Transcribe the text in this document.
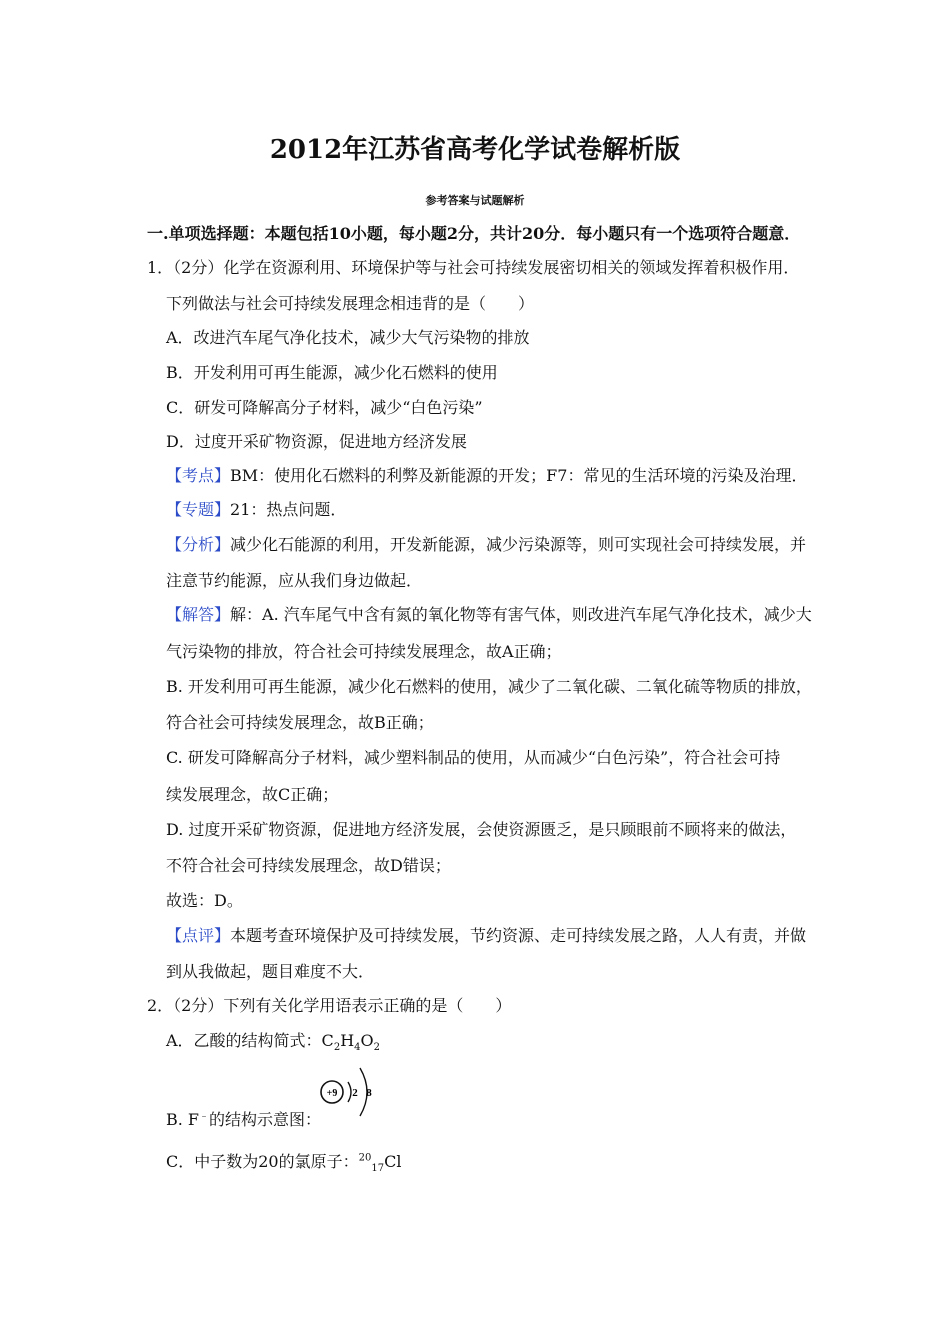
2012年江苏省高考化学试卷解析版
参考答案与试题解析
一.单项选择题：本题包括10小题，每小题2分，共计20分．每小题只有一个选项符合题意．
1．（2分）化学在资源利用、环境保护等与社会可持续发展密切相关的领域发挥着积极作用．
下列做法与社会可持续发展理念相违背的是（　　）
A．改进汽车尾气净化技术，减少大气污染物的排放
B．开发利用可再生能源，减少化石燃料的使用
C．研发可降解高分子材料，减少“白色污染”
D．过度开采矿物资源，促进地方经济发展
【考点】BM：使用化石燃料的利弊及新能源的开发；F7：常见的生活环境的污染及治理．
【专题】21：热点问题．
【分析】减少化石能源的利用，开发新能源，减少污染源等，则可实现社会可持续发展，并
注意节约能源，应从我们身边做起．
【解答】解：A. 汽车尾气中含有氮的氧化物等有害气体，则改进汽车尾气净化技术，减少大
气污染物的排放，符合社会可持续发展理念，故A正确；
B. 开发利用可再生能源，减少化石燃料的使用，减少了二氧化碳、二氧化硫等物质的排放，
符合社会可持续发展理念，故B正确；
C. 研发可降解高分子材料，减少塑料制品的使用，从而减少“白色污染”，符合社会可持
续发展理念，故C正确；
D. 过度开采矿物资源，促进地方经济发展，会使资源匮乏，是只顾眼前不顾将来的做法，
不符合社会可持续发展理念，故D错误；
故选：D。
【点评】本题考查环境保护及可持续发展，节约资源、走可持续发展之路，人人有责，并做
到从我做起，题目难度不大．
2．（2分）下列有关化学用语表示正确的是（　　）
A．乙酸的结构简式：$C_2H_4O_2$
+9 2 8
B. F﹣的结构示意图：
C．中子数为20的氯原子：$^{20}_{17}$Cl
